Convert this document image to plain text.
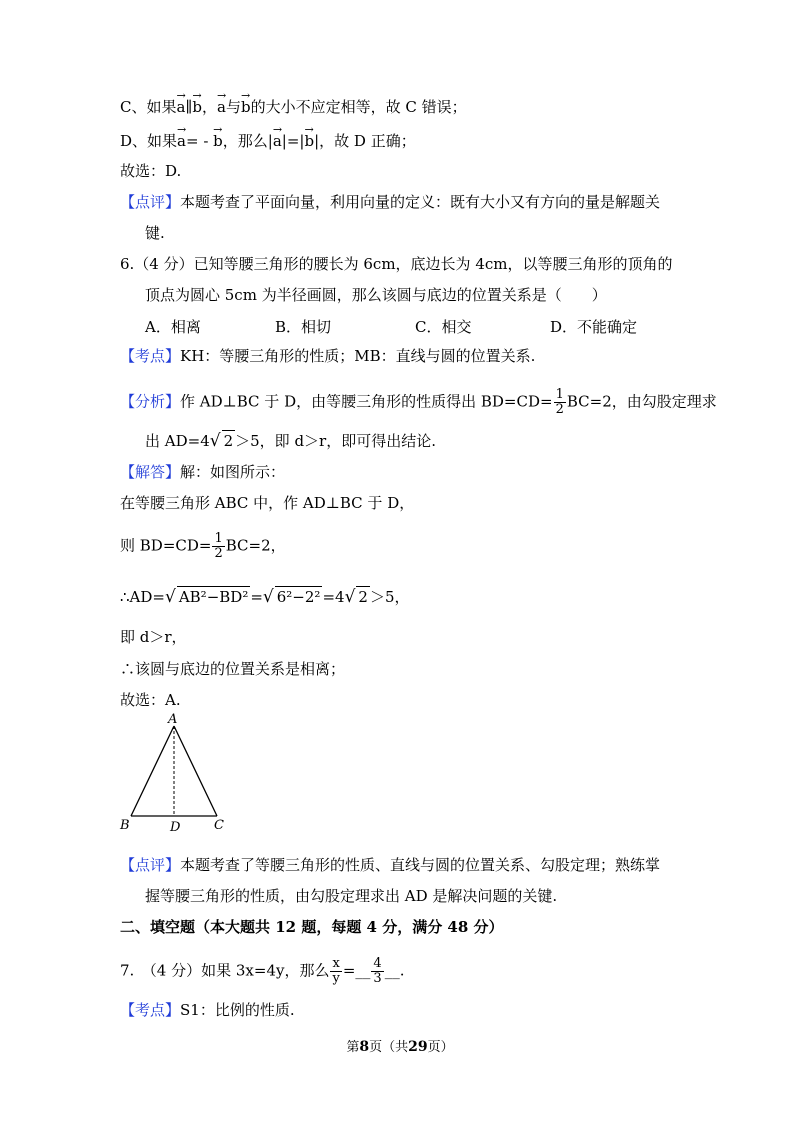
C、如果→ a∥→ b，→ a与→ b的大小不应定相等，故 C 错误；
D、如果→ a= - → b，那么|→ a|=|→ b|，故 D 正确；
故选：D.
【点评】本题考查了平面向量，利用向量的定义：既有大小又有方向的量是解题关
键.
6.（4 分）已知等腰三角形的腰长为 6cm，底边长为 4cm，以等腰三角形的顶角的
顶点为圆心 5cm 为半径画圆，那么该圆与底边的位置关系是（　　）
A．相离	B．相切	C．相交	D．不能确定
【考点】KH：等腰三角形的性质；MB：直线与圆的位置关系.
【分析】作 AD⊥BC 于 D，由等腰三角形的性质得出 $BD=CD= \frac{1}{2} BC=2$，由勾股定理求
出 AD=4√ 2 ＞5，即 d＞r，即可得出结论.
【解答】解：如图所示：
在等腰三角形 ABC 中，作 AD⊥BC 于 D，
则 $BD=CD= \frac{1}{2} BC=2$，
∴AD=√ AB²−BD² =√ 6²−2² =4√ 2 ＞5，
即 d＞r，
∴该圆与底边的位置关系是相离；
故选：A.
A
B	D	C
【点评】本题考查了等腰三角形的性质、直线与圆的位置关系、勾股定理；熟练掌
握等腰三角形的性质，由勾股定理求出 AD 是解决问题的关键.
二、填空题（本大题共 12 题，每题 4 分，满分 48 分）
7.　（4 分）如果 3x=4y，那么 $\frac{x}{y}$ =__ $\frac{4}{3}$ __.
【考点】S1：比例的性质.
第8页（共29页）
